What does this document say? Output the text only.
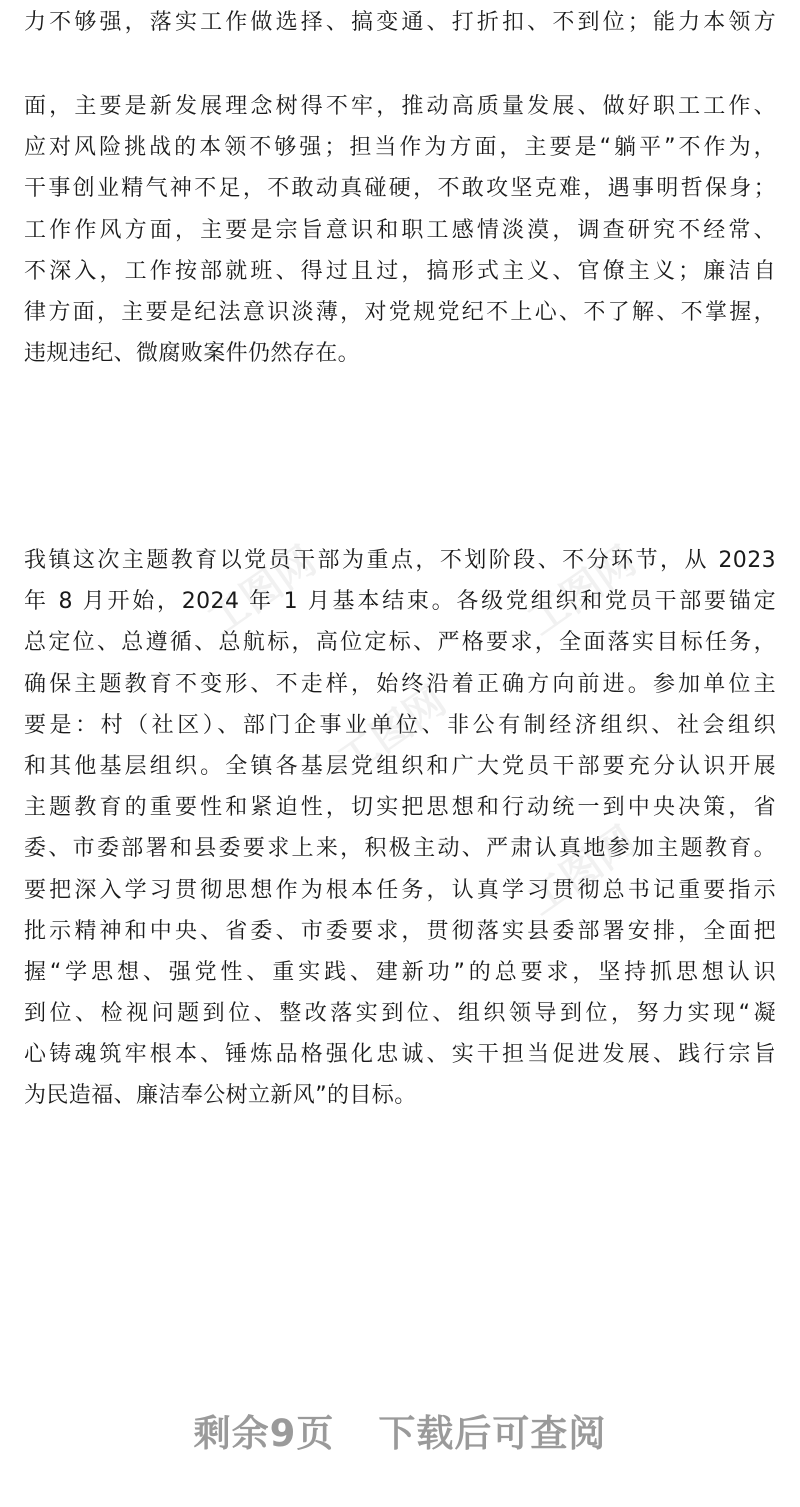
工图网	工图网
工图网
工图网
力不够强，落实工作做选择、搞变通、打折扣、不到位；能力本领方
面，主要是新发展理念树得不牢，推动高质量发展、做好职工工作、
应对风险挑战的本领不够强；担当作为方面，主要是“躺平”不作为，
干事创业精气神不足，不敢动真碰硬，不敢攻坚克难，遇事明哲保身；
工作作风方面，主要是宗旨意识和职工感情淡漠，调查研究不经常、
不深入，工作按部就班、得过且过，搞形式主义、官僚主义；廉洁自
律方面，主要是纪法意识淡薄，对党规党纪不上心、不了解、不掌握，
违规违纪、微腐败案件仍然存在。
我镇这次主题教育以党员干部为重点，不划阶段、不分环节，从 2023
年 8 月开始，2024 年 1 月基本结束。各级党组织和党员干部要锚定
总定位、总遵循、总航标，高位定标、严格要求，全面落实目标任务，
确保主题教育不变形、不走样，始终沿着正确方向前进。参加单位主
要是：村（社区）、部门企事业单位、非公有制经济组织、社会组织
和其他基层组织。全镇各基层党组织和广大党员干部要充分认识开展
主题教育的重要性和紧迫性，切实把思想和行动统一到中央决策，省
委、市委部署和县委要求上来，积极主动、严肃认真地参加主题教育。
要把深入学习贯彻思想作为根本任务，认真学习贯彻总书记重要指示
批示精神和中央、省委、市委要求，贯彻落实县委部署安排，全面把
握“学思想、强党性、重实践、建新功”的总要求，坚持抓思想认识
到位、检视问题到位、整改落实到位、组织领导到位，努力实现“凝
心铸魂筑牢根本、锤炼品格强化忠诚、实干担当促进发展、践行宗旨
为民造福、廉洁奉公树立新风”的目标。
剩余9页 下载后可查阅
